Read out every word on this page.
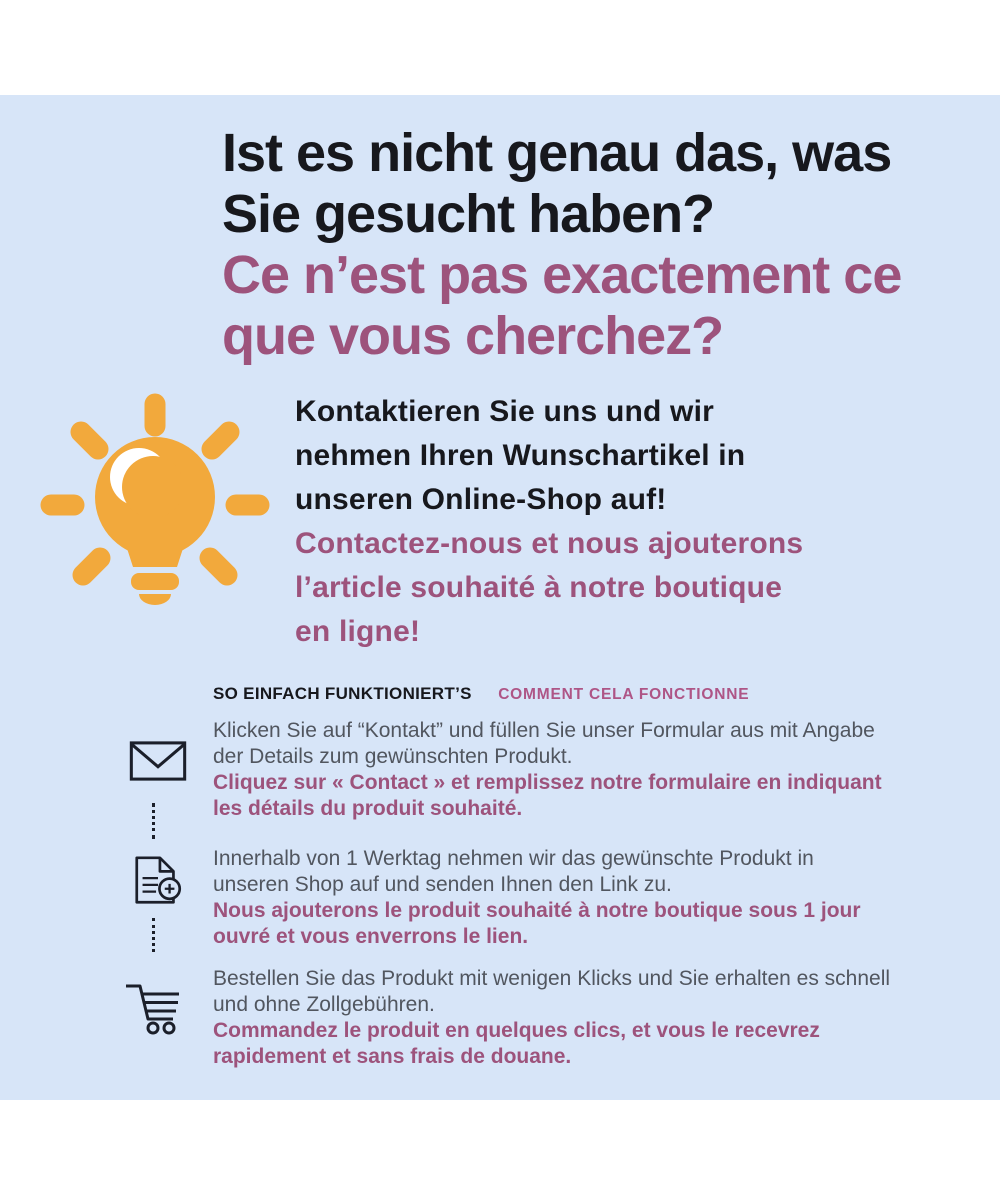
Ist es nicht genau das, was
Sie gesucht haben?
Ce n’est pas exactement ce
que vous cherchez?
Kontaktieren Sie uns und wir
nehmen Ihren Wunschartikel in
unseren Online-Shop auf!
Contactez-nous et nous ajouterons
l’article souhaité à notre boutique
en ligne!
SO EINFACH FUNKTIONIERT’S COMMENT CELA FONCTIONNE
Klicken Sie auf “Kontakt” und füllen Sie unser Formular aus mit Angabe
der Details zum gewünschten Produkt.
Cliquez sur « Contact » et remplissez notre formulaire en indiquant
les détails du produit souhaité.
Innerhalb von 1 Werktag nehmen wir das gewünschte Produkt in
unseren Shop auf und senden Ihnen den Link zu.
Nous ajouterons le produit souhaité à notre boutique sous 1 jour
ouvré et vous enverrons le lien.
Bestellen Sie das Produkt mit wenigen Klicks und Sie erhalten es schnell
und ohne Zollgebühren.
Commandez le produit en quelques clics, et vous le recevrez
rapidement et sans frais de douane.
